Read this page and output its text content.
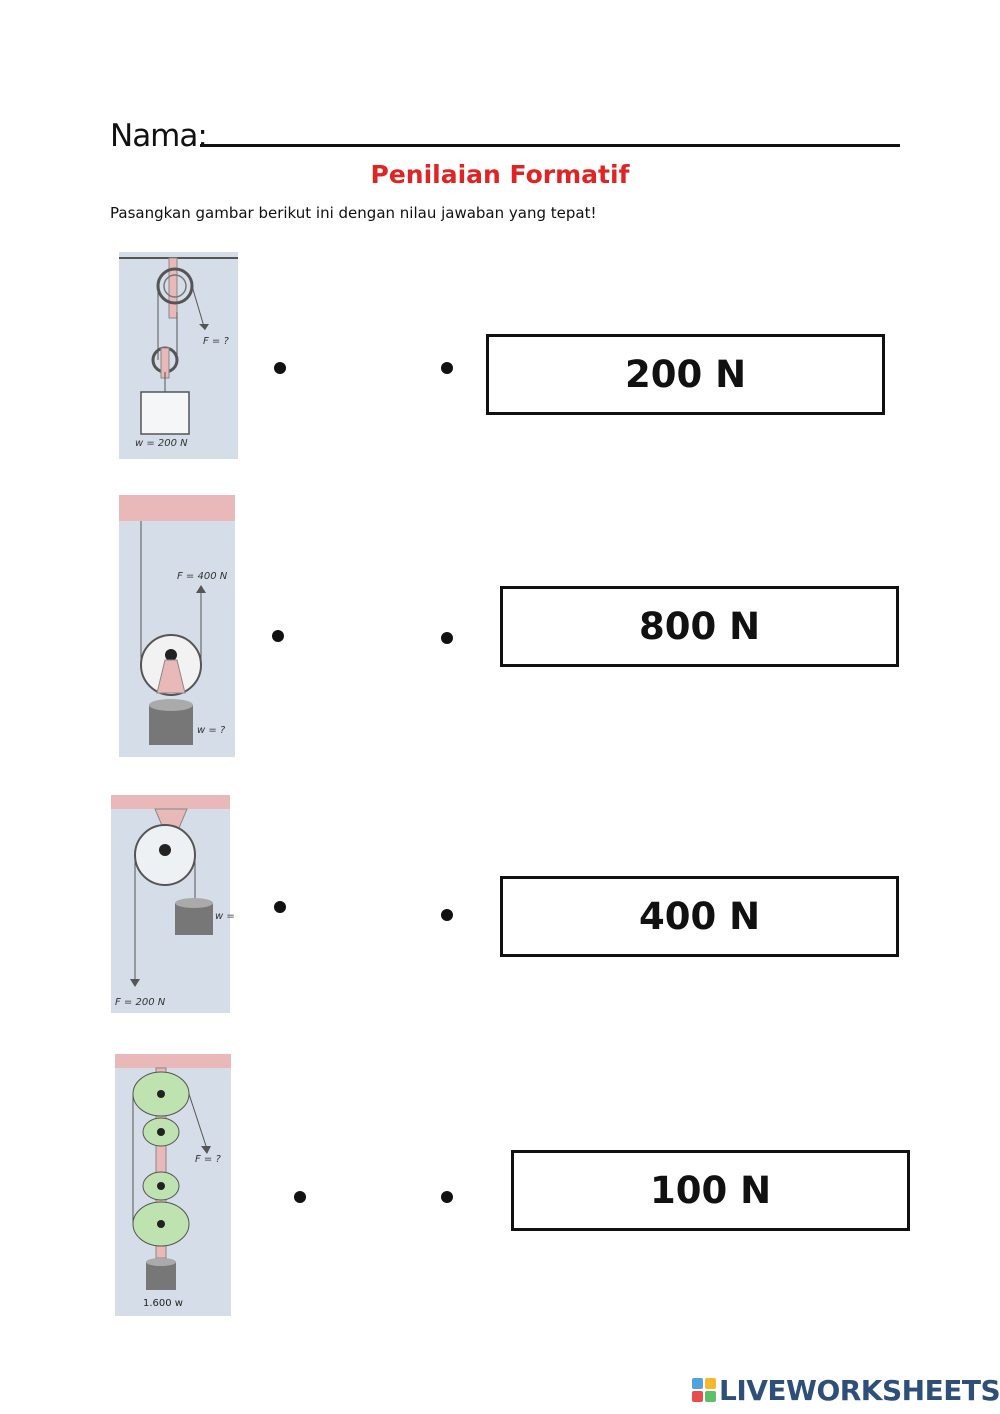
Nama:
Penilaian Formatif
Pasangkan gambar berikut ini dengan nilau jawaban yang tepat!
F = ?
w = 200 N
F = 400 N
w = ?
w =
F = 200 N
F = ?
1.600 w
200 N
800 N
400 N
100 N
LIVEWORKSHEETS
